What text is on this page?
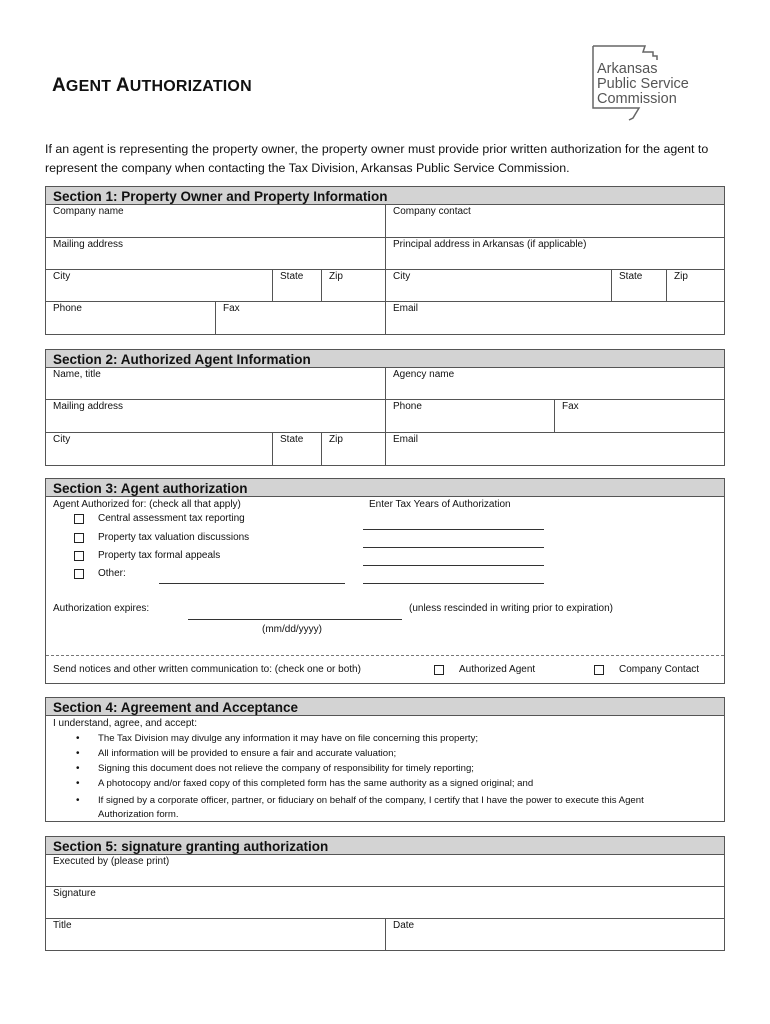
AGENT AUTHORIZATION
Arkansas
Public Service
Commission
If an agent is representing the property owner, the property owner must provide prior written authorization for the agent to represent the company when contacting the Tax Division, Arkansas Public Service Commission.
Section 1: Property Owner and Property Information
Company name	Company contact
Mailing address	Principal address in Arkansas (if applicable)
City	State	Zip	City	State	Zip
Phone	Fax	Email
Section 2: Authorized Agent Information
Name, title	Agency name
Mailing address	Phone	Fax
City	State	Zip	Email
Section 3: Agent authorization
Agent Authorized for: (check all that apply)	Enter Tax Years of Authorization
Central assessment tax reporting
Property tax valuation discussions
Property tax formal appeals
Other:
Authorization expires:	(unless rescinded in writing prior to expiration)
(mm/dd/yyyy)
Send notices and other written communication to: (check one or both)	Authorized Agent	Company Contact
Section 4: Agreement and Acceptance
I understand, agree, and accept:
• The Tax Division may divulge any information it may have on file concerning this property;
• All information will be provided to ensure a fair and accurate valuation;
• Signing this document does not relieve the company of responsibility for timely reporting;
• A photocopy and/or faxed copy of this completed form has the same authority as a signed original; and
• If signed by a corporate officer, partner, or fiduciary on behalf of the company, I certify that I have the power to execute this Agent
Authorization form.
Section 5: signature granting authorization
Executed by (please print)
Signature
Title	Date
